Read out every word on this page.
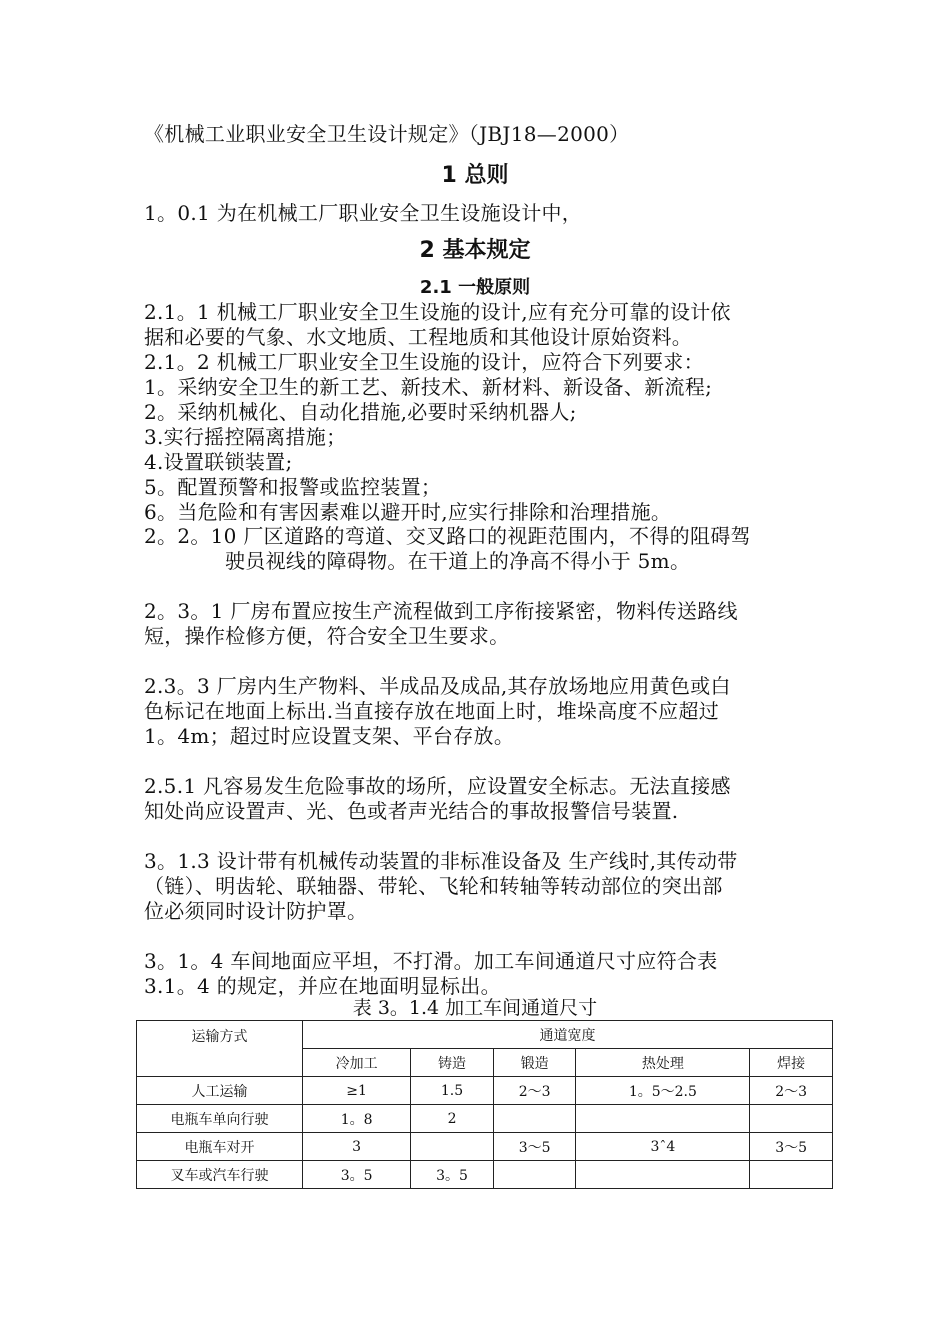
《机械工业职业安全卫生设计规定》（JBJ18—2000）
1 总则
1。0.1 为在机械工厂职业安全卫生设施设计中，
2 基本规定
2.1 一般原则
2.1。1 机械工厂职业安全卫生设施的设计,应有充分可靠的设计依
据和必要的气象、水文地质、工程地质和其他设计原始资料。
2.1。2 机械工厂职业安全卫生设施的设计，应符合下列要求：
1。采纳安全卫生的新工艺、新技术、新材料、新设备、新流程;
2。采纳机械化、自动化措施,必要时采纳机器人;
3.实行摇控隔离措施；
4.设置联锁装置;
5。配置预警和报警或监控装置；
6。当危险和有害因素难以避开时,应实行排除和治理措施。
2。2。10 厂区道路的弯道、交叉路口的视距范围内，不得的阻碍驾
驶员视线的障碍物。在干道上的净高不得小于 5m。
2。3。1 厂房布置应按生产流程做到工序衔接紧密，物料传送路线
短，操作检修方便，符合安全卫生要求。
2.3。3 厂房内生产物料、半成品及成品,其存放场地应用黄色或白
色标记在地面上标出.当直接存放在地面上时，堆垛高度不应超过
1。4m；超过时应设置支架、平台存放。
2.5.1 凡容易发生危险事故的场所，应设置安全标志。无法直接感
知处尚应设置声、光、色或者声光结合的事故报警信号装置.
3。1.3 设计带有机械传动装置的非标准设备及 生产线时,其传动带
（链）、明齿轮、联轴器、带轮、飞轮和转轴等转动部位的突出部
位必须同时设计防护罩。
3。1。4 车间地面应平坦，不打滑。加工车间通道尺寸应符合表
3.1。4 的规定，并应在地面明显标出。
表 3。1.4 加工车间通道尺寸
运输方式	通道宽度				
	冷加工	铸造	锻造	热处理	焊接
人工运输	≥1	1.5	2～3	1。5～2.5	2～3
电瓶车单向行驶	1。8	2			
电瓶车对开	3		3～5	3ˆ4	3～5
叉车或汽车行驶	3。5	3。5			
